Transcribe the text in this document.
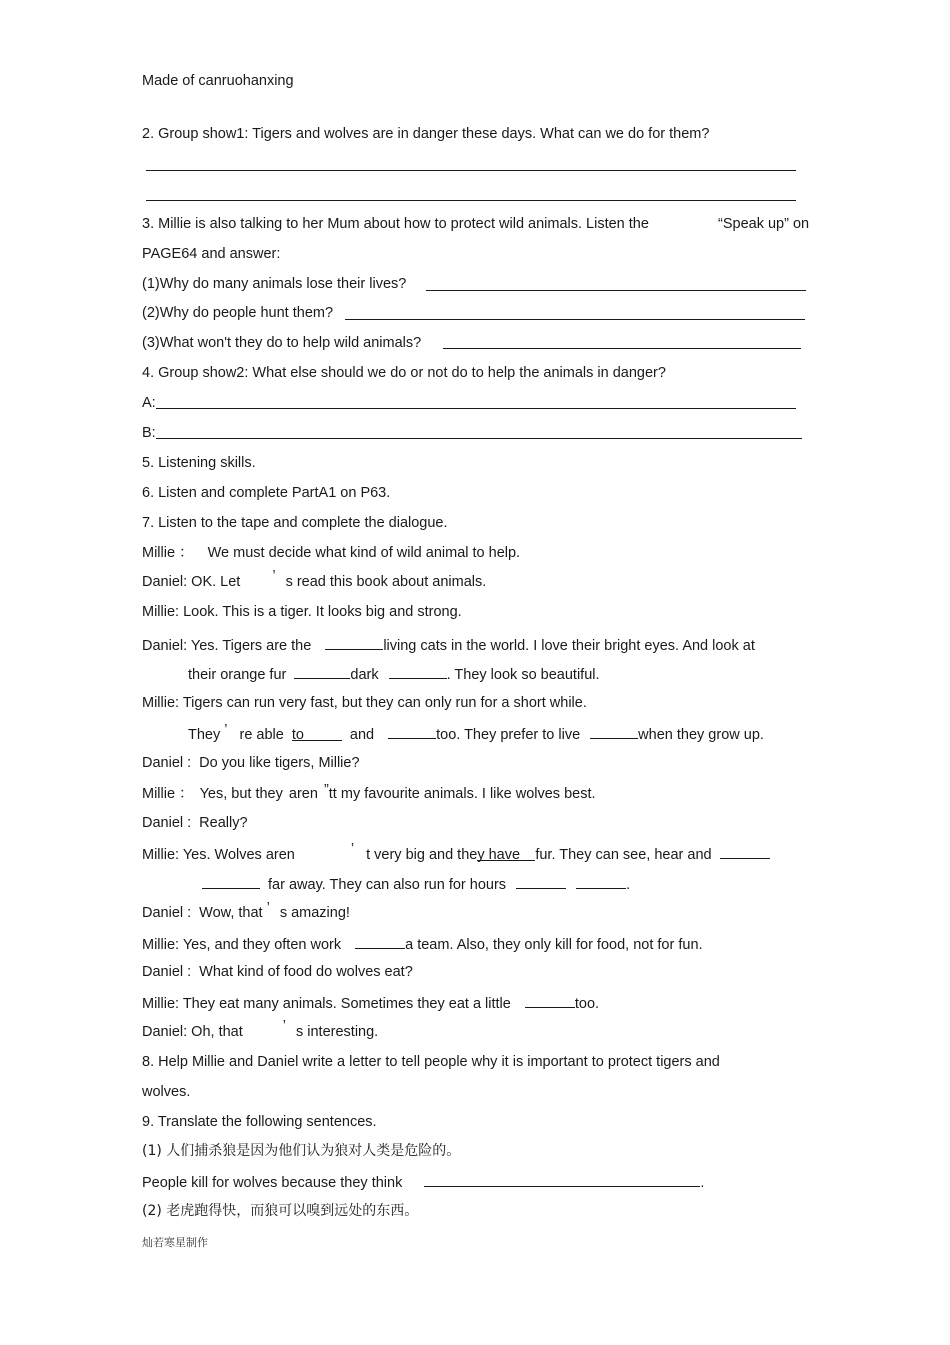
Made of canruohanxing
2. Group show1: Tigers and wolves are in danger these days. What can we do for them?
3. Millie is also talking to her Mum about how to protect wild animals. Listen the	“Speak up” on
PAGE64 and answer:
(1)Why do many animals lose their lives?
(2)Why do people hunt them?
(3)What won't they do to help wild animals?
4. Group show2: What else should we do or not do to help the animals in danger?
A:
B:
5. Listening skills.
6. Listen and complete PartA1 on P63.
7. Listen to the tape and complete the dialogue.
Millie ： We must decide what kind of wild animal to help.
Daniel: OK. Let ’ s read this book about animals.
Millie: Look. This is a tiger. It looks big and strong.
Daniel: Yes. Tigers are the	living cats in the world. I love their bright eyes. And look at
their orange fur	dark	. They look so beautiful.
Millie: Tigers can run very fast, but they can only run for a short while.
They ’ re able to	and	too. They prefer to live	when they grow up.
Daniel : Do you like tigers, Millie?
Millie ： Yes, but they aren ”tt my favourite animals. I like wolves best.
Daniel : Really?
Millie: Yes. Wolves aren	’ t very big and they have fur. They can see, hear and
far away. They can also run for hours	.
Daniel : Wow, that ’ s amazing!
Millie: Yes, and they often work	a team. Also, they only kill for food, not for fun.
Daniel : What kind of food do wolves eat?
Millie: They eat many animals. Sometimes they eat a little	too.
Daniel: Oh, that	’ s interesting.
8. Help Millie and Daniel write a letter to tell people why it is important to protect tigers and
wolves.
9. Translate the following sentences.
(1) 人们捕杀狼是因为他们认为狼对人类是危险的。
People kill for wolves because they think	.
(2) 老虎跑得快，而狼可以嗅到远处的东西。
灿若寒星制作
